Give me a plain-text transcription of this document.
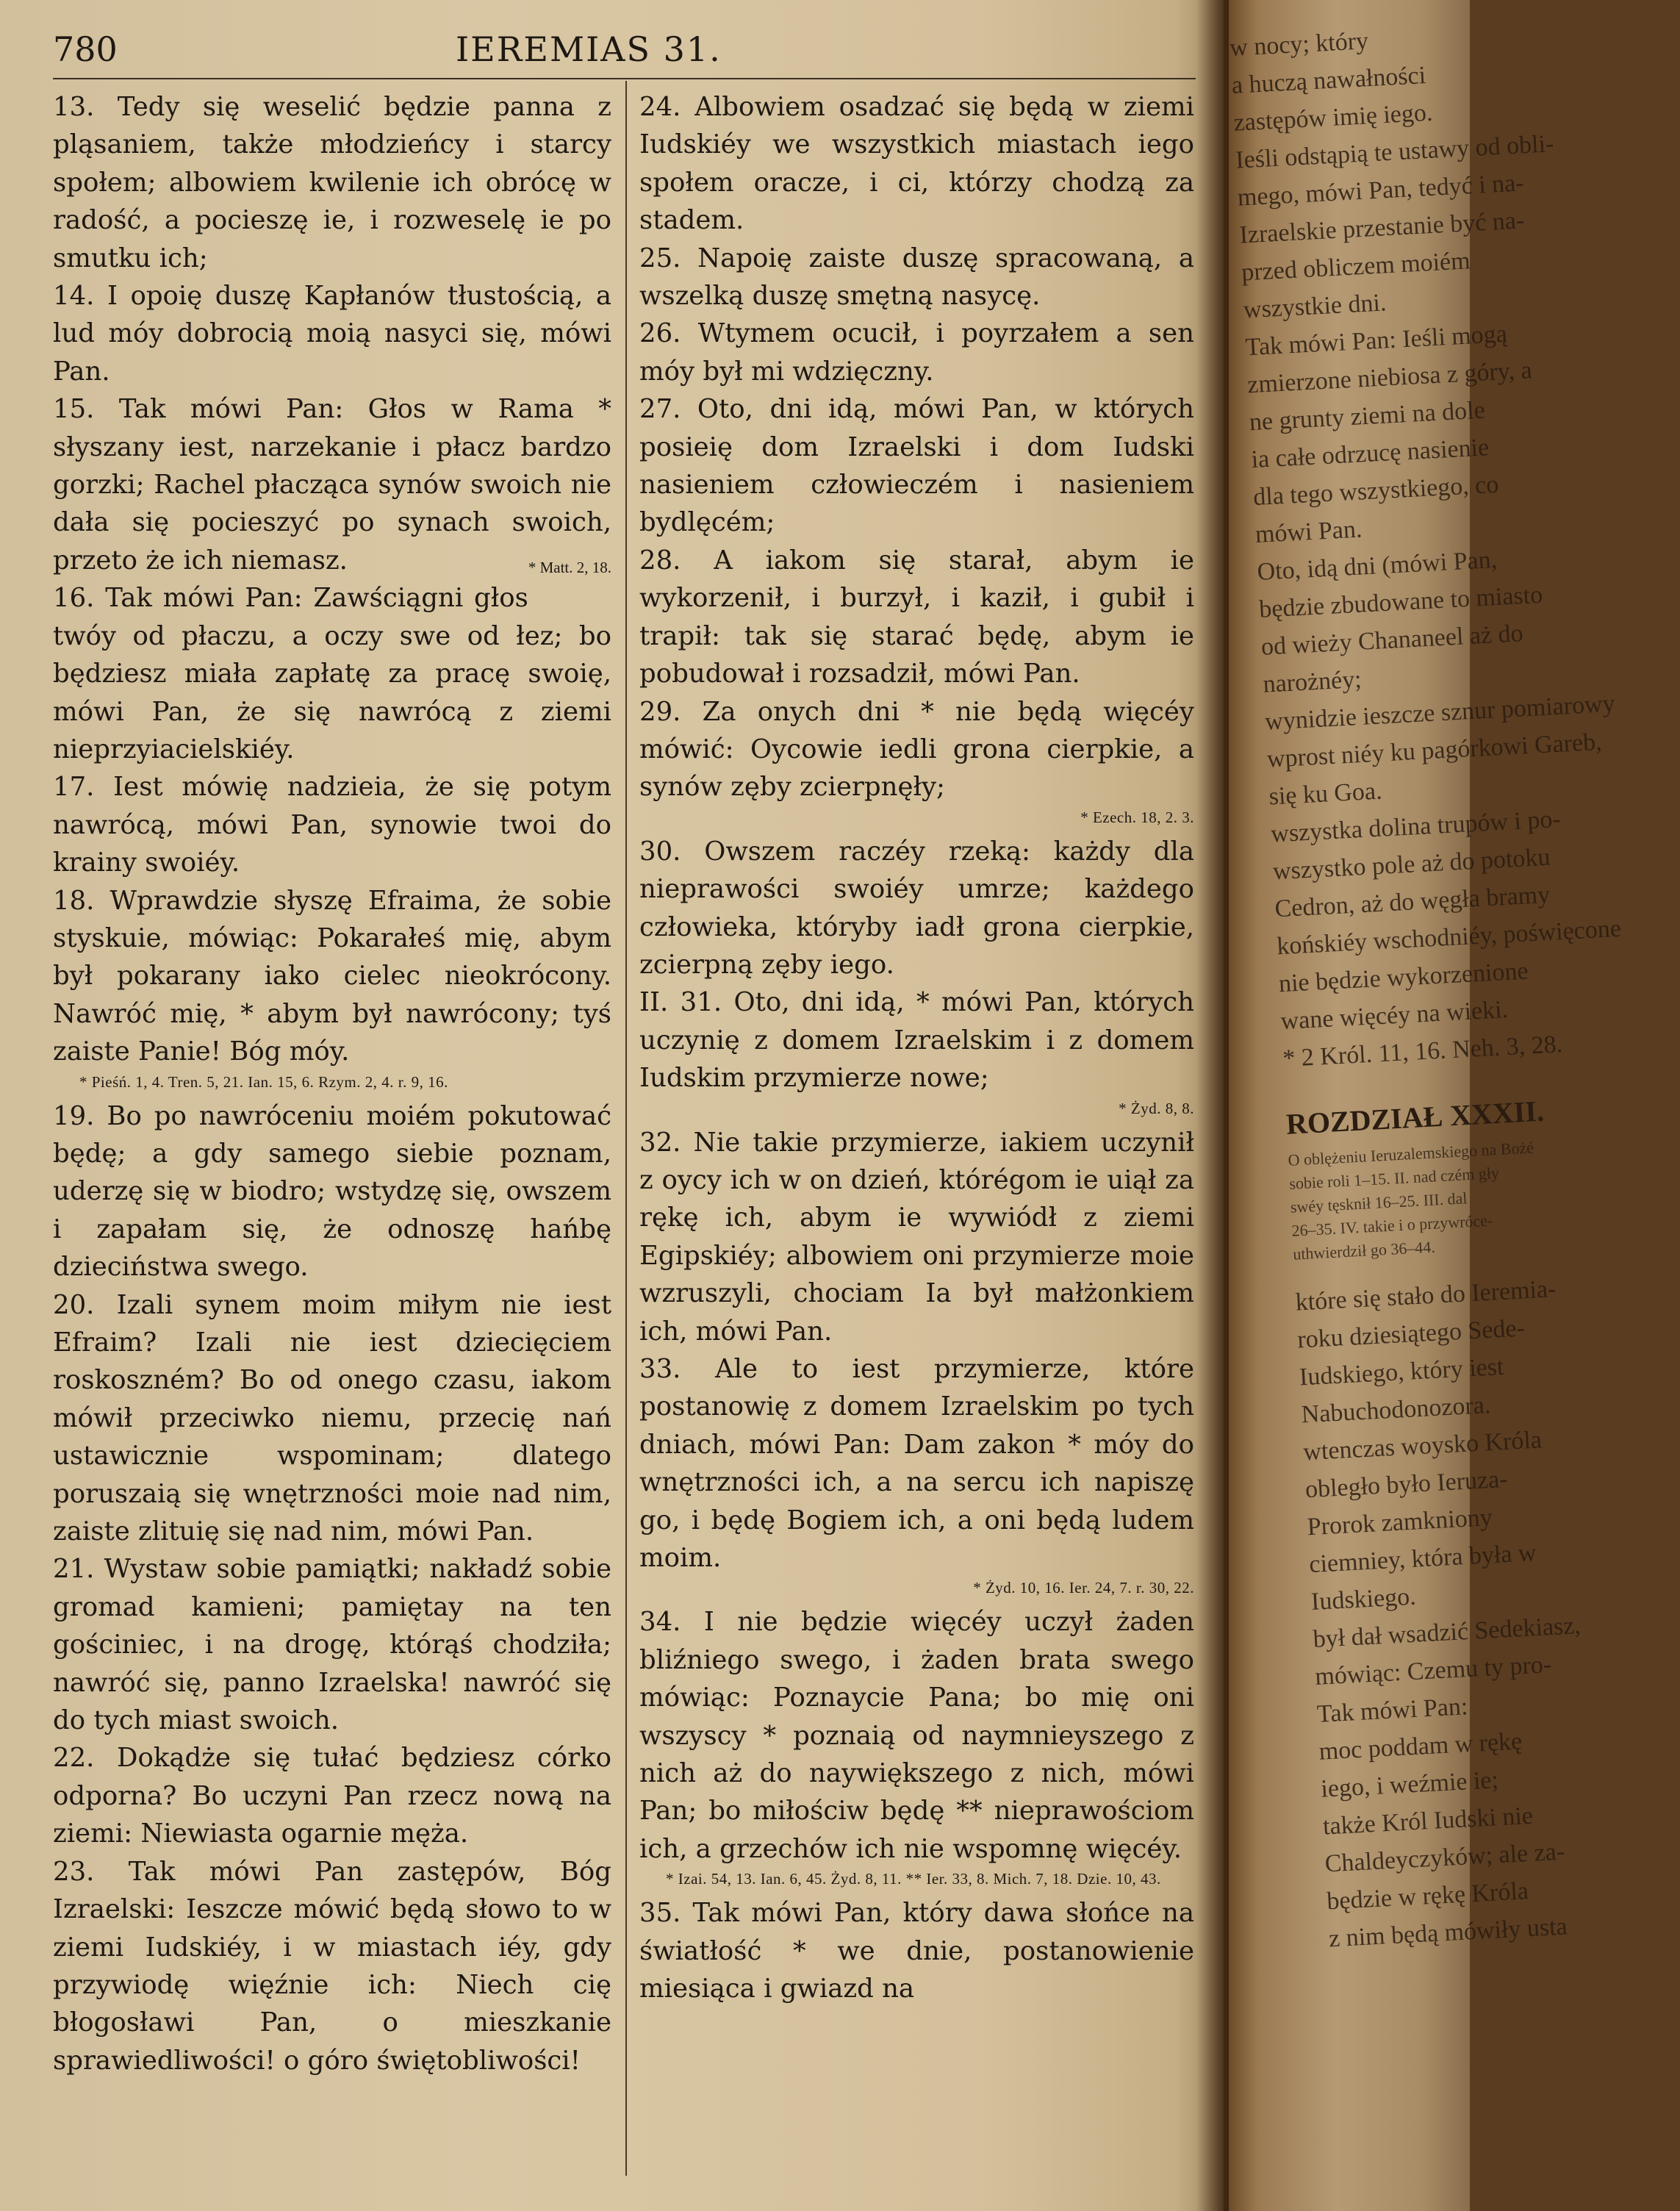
780	IEREMIAS 31.

13. Tedy się weselić będzie panna z pląsaniem, także młodzieńcy i starcy społem; albowiem kwilenie ich obrócę w radość, a pocieszę ie, i rozweselę ie po smutku ich;

14. I opoię duszę Kapłanów tłustością, a lud móy dobrocią moią nasyci się, mówi Pan.

15. Tak mówi Pan: Głos w Rama * słyszany iest, narzekanie i płacz bardzo gorzki; Rachel płacząca synów swoich nie dała się pocieszyć po synach swoich, przeto że ich niemasz.	* Matt. 2, 18.

16. Tak mówi Pan: Zawściągni głos twóy od płaczu, a oczy swe od łez; bo będziesz miała zapłatę za pracę swoię, mówi Pan, że się nawrócą z ziemi nieprzyiacielskiéy.

17. Iest mówię nadzieia, że się potym nawrócą, mówi Pan, synowie twoi do krainy swoiéy.

18. Wprawdzie słyszę Efraima, że sobie styskuie, mówiąc: Pokarałeś mię, abym był pokarany iako cielec nieokrócony. Nawróć mię, * abym był nawrócony; tyś zaiste Panie! Bóg móy.

* Pieśń. 1, 4. Tren. 5, 21. Ian. 15, 6. Rzym. 2, 4. r. 9, 16.

19. Bo po nawróceniu moiém pokutować będę; a gdy samego siebie poznam, uderzę się w biodro; wstydzę się, owszem i zapałam się, że odnoszę hańbę dzieciństwa swego.

20. Izali synem moim miłym nie iest Efraim? Izali nie iest dziecięciem roskoszném? Bo od onego czasu, iakom mówił przeciwko niemu, przecię nań ustawicznie wspominam; dlatego poruszaią się wnętrzności moie nad nim, zaiste zlituię się nad nim, mówi Pan.

21. Wystaw sobie pamiątki; nakładź sobie gromad kamieni; pamiętay na ten gościniec, i na drogę, którąś chodziła; nawróć się, panno Izraelska! nawróć się do tych miast swoich.

22. Dokądże się tułać będziesz córko odporna? Bo uczyni Pan rzecz nową na ziemi: Niewiasta ogarnie męża.

23. Tak mówi Pan zastępów, Bóg Izraelski: Ieszcze mówić będą słowo to w ziemi Iudskiéy, i w miastach iéy, gdy przywiodę więźnie ich: Niech cię błogosławi Pan, o mieszkanie sprawiedliwości! o góro świętobliwości!

24. Albowiem osadzać się będą w ziemi Iudskiéy we wszystkich miastach iego społem oracze, i ci, którzy chodzą za stadem.

25. Napoię zaiste duszę spracowaną, a wszelką duszę smętną nasycę.

26. Wtymem ocucił, i poyrzałem a sen móy był mi wdzięczny.

27. Oto, dni idą, mówi Pan, w których posieię dom Izraelski i dom Iudski nasieniem człowieczém i nasieniem bydlęcém;

28. A iakom się starał, abym ie wykorzenił, i burzył, i kaził, i gubił i trapił: tak się starać będę, abym ie pobudował i rozsadził, mówi Pan.

29. Za onych dni * nie będą więcéy mówić: Oycowie iedli grona cierpkie, a synów zęby zcierpnęły;

* Ezech. 18, 2. 3.

30. Owszem raczéy rzeką: każdy dla nieprawości swoiéy umrze; każdego człowieka, któryby iadł grona cierpkie, zcierpną zęby iego.

II. 31. Oto, dni idą, * mówi Pan, których uczynię z domem Izraelskim i z domem Iudskim przymierze nowe;

* Żyd. 8, 8.

32. Nie takie przymierze, iakiem uczynił z oycy ich w on dzień, którégom ie uiął za rękę ich, abym ie wywiódł z ziemi Egipskiéy; albowiem oni przymierze moie wzruszyli, chociam Ia był małżonkiem ich, mówi Pan.

33. Ale to iest przymierze, które postanowię z domem Izraelskim po tych dniach, mówi Pan: Dam zakon * móy do wnętrzności ich, a na sercu ich napiszę go, i będę Bogiem ich, a oni będą ludem moim.

* Żyd. 10, 16. Ier. 24, 7. r. 30, 22.

34. I nie będzie więcéy uczył żaden bliźniego swego, i żaden brata swego mówiąc: Poznaycie Pana; bo mię oni wszyscy * poznaią od naymnieyszego z nich aż do naywiększego z nich, mówi Pan; bo miłościw będę ** nieprawościom ich, a grzechów ich nie wspomnę więcéy.

* Izai. 54, 13. Ian. 6, 45. Żyd. 8, 11. ** Ier. 33, 8. Mich. 7, 18. Dzie. 10, 43.

35. Tak mówi Pan, który dawa słońce na światłość * we dnie, postanowienie miesiąca i gwiazd na

w nocy; który
a huczą nawałności
zastępów imię iego.
Ieśli odstąpią te ustawy od obli-
mego, mówi Pan, tedyć i na-
Izraelskie przestanie być na-
przed obliczem moiém
wszystkie dni.
Tak mówi Pan: Ieśli mogą
zmierzone niebiosa z góry, a
ne grunty ziemi na dole
ia całe odrzucę nasienie
dla tego wszystkiego, co
mówi Pan.
Oto, idą dni (mówi Pan,
będzie zbudowane to miasto
od wieży Chananeel aż do
narożnéy;
wynidzie ieszcze sznur pomiarowy
wprost niéy ku pagórkowi Gareb,
się ku Goa.
wszystka dolina trupów i po-
wszystko pole aż do potoku
Cedron, aż do węgła bramy
końskiéy wschodniéy, poświęcone
nie będzie wykorzenione
wane więcéy na wieki.
* 2 Król. 11, 16. Neh. 3, 28.
ROZDZIAŁ XXXII.
O oblężeniu Ieruzalemskiego na Bożé
sobie roli 1–15. II. nad czém gły
swéy tęsknił 16–25. III. dal
26–35. IV. takie i o przywróce-
uthwierdził go 36–44.
które się stało do Ieremia-
roku dziesiątego Sede-
Iudskiego, który iest
Nabuchodonozora.
wtenczas woysko Króla
obległo było Ieruza-
Prorok zamkniony
ciemniey, która była w
Iudskiego.
był dał wsadzić Sedekiasz,
mówiąc: Czemu ty pro-
Tak mówi Pan:
moc poddam w rękę
iego, i weźmie ie;
także Król Iudski nie
Chaldeyczyków; ale za-
będzie w rękę Króla
z nim będą mówiły usta
